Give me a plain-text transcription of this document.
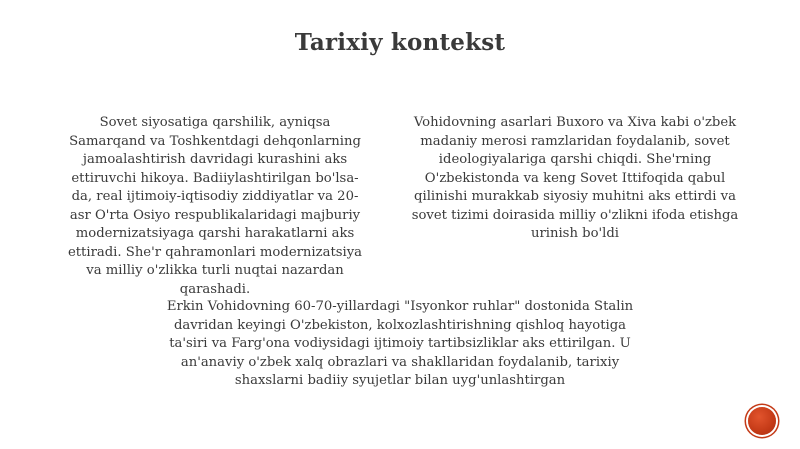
Tarixiy kontekst

Sovet siyosatiga qarshilik, ayniqsa
Samarqand va Toshkentdagi dehqonlarning
jamoalashtirish davridagi kurashini aks
ettiruvchi hikoya. Badiiylashtirilgan bo'lsa-
da, real ijtimoiy-iqtisodiy ziddiyatlar va 20-
asr O'rta Osiyo respublikalaridagi majburiy
modernizatsiyaga qarshi harakatlarni aks
ettiradi. She'r qahramonlari modernizatsiya
va milliy o'zlikka turli nuqtai nazardan
qarashadi.

Vohidovning asarlari Buxoro va Xiva kabi o'zbek
madaniy merosi ramzlaridan foydalanib, sovet
ideologiyalariga qarshi chiqdi. She'rning
O'zbekistonda va keng Sovet Ittifoqida qabul
qilinishi murakkab siyosiy muhitni aks ettirdi va
sovet tizimi doirasida milliy o'zlikni ifoda etishga
urinish bo'ldi

Erkin Vohidovning 60-70-yillardagi "Isyonkor ruhlar" dostonida Stalin
davridan keyingi O'zbekiston, kolxozlashtirishning qishloq hayotiga
ta'siri va Farg'ona vodiysidagi ijtimoiy tartibsizliklar aks ettirilgan. U
an'anaviy o'zbek xalq obrazlari va shakllaridan foydalanib, tarixiy
shaxslarni badiiy syujetlar bilan uyg'unlashtirgan
